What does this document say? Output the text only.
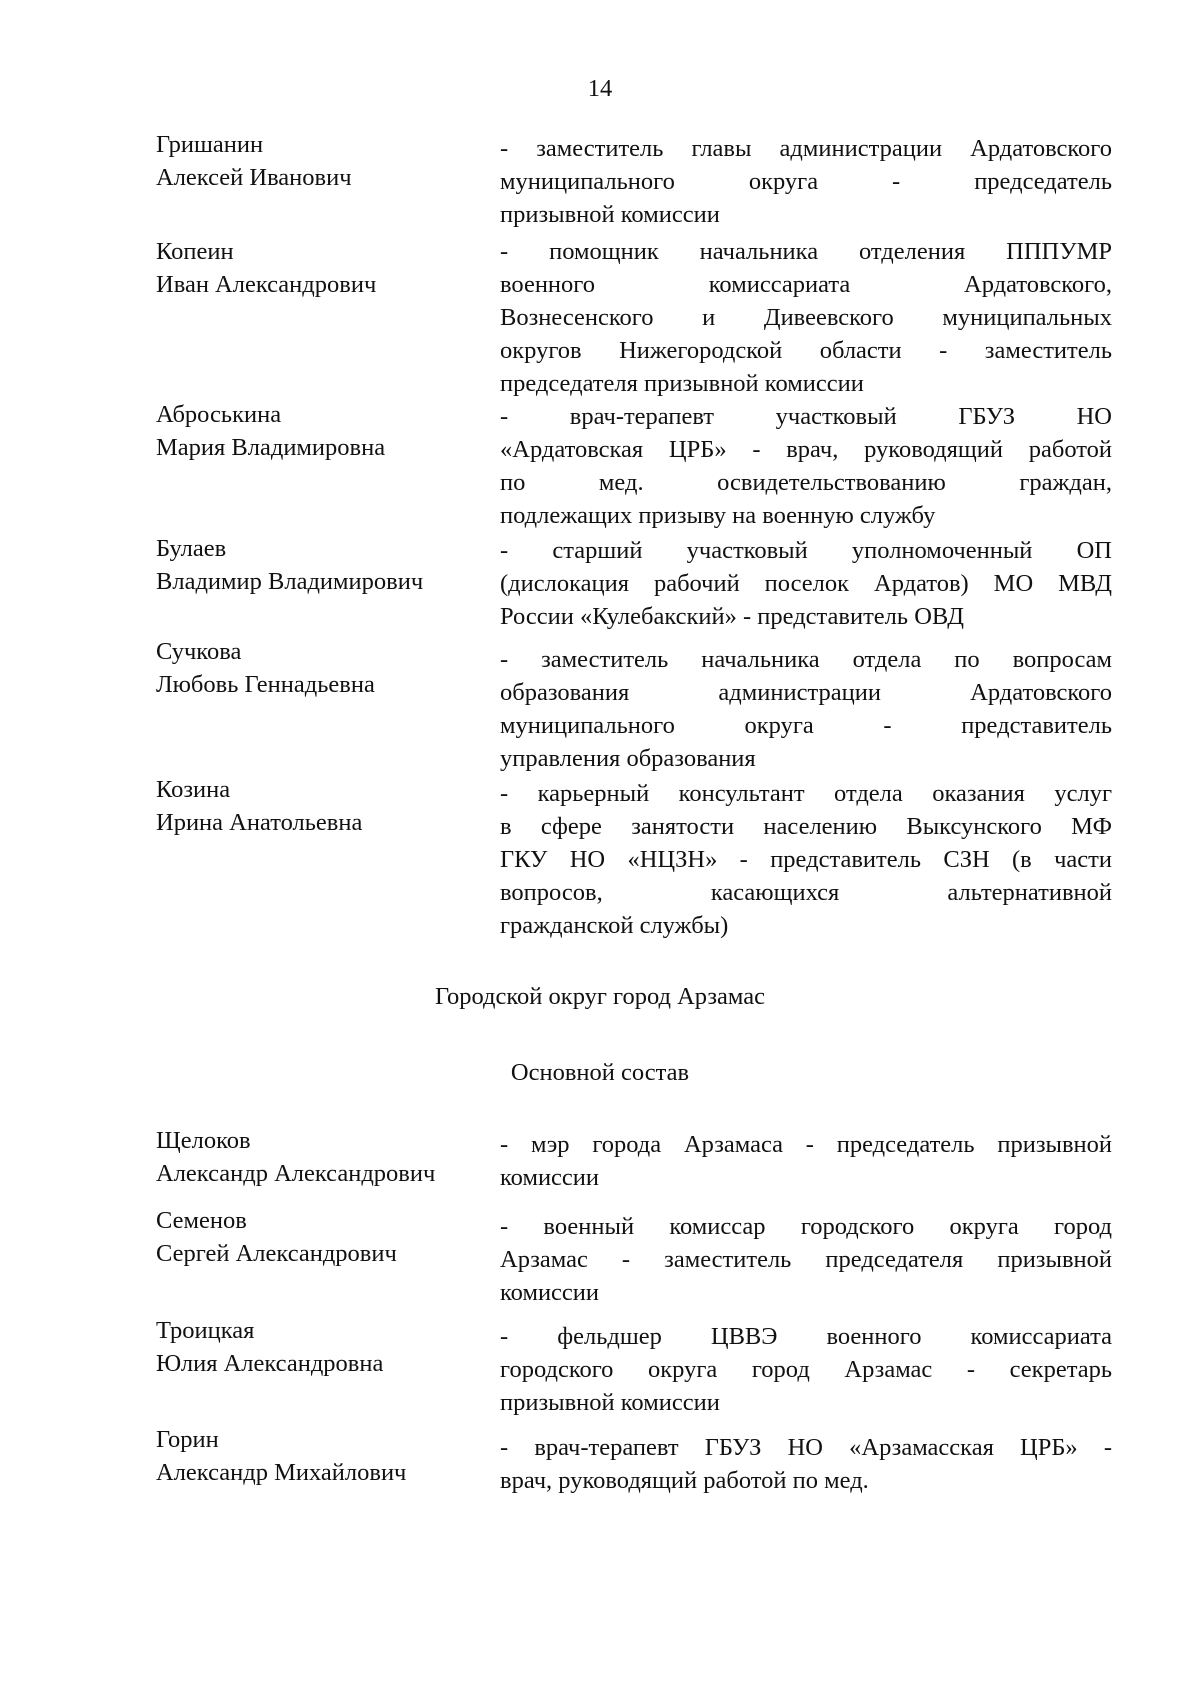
14
Гришанин
Алексей Иванович
- заместитель главы администрации Ардатовского
муниципального округа - председатель
призывной комиссии
Копеин
Иван Александрович
- помощник начальника отделения ПППУМР
военного комиссариата Ардатовского,
Вознесенского и Дивеевского муниципальных
округов Нижегородской области - заместитель
председателя призывной комиссии
Аброськина
Мария Владимировна
- врач-терапевт участковый ГБУЗ НО
«Ардатовская ЦРБ» - врач, руководящий работой
по мед. освидетельствованию граждан,
подлежащих призыву на военную службу
Булаев
Владимир Владимирович
- старший участковый уполномоченный ОП
(дислокация рабочий поселок Ардатов) МО МВД
России «Кулебакский» - представитель ОВД
Сучкова
Любовь Геннадьевна
- заместитель начальника отдела по вопросам
образования администрации Ардатовского
муниципального округа - представитель
управления образования
Козина
Ирина Анатольевна
- карьерный консультант отдела оказания услуг
в сфере занятости населению Выксунского МФ
ГКУ НО «НЦЗН» - представитель СЗН (в части
вопросов, касающихся альтернативной
гражданской службы)
Городской округ город Арзамас
Основной состав
Щелоков
Александр Александрович
- мэр города Арзамаса - председатель призывной
комиссии
Семенов
Сергей Александрович
- военный комиссар городского округа город
Арзамас - заместитель председателя призывной
комиссии
Троицкая
Юлия Александровна
- фельдшер ЦВВЭ военного комиссариата
городского округа город Арзамас - секретарь
призывной комиссии
Горин
Александр Михайлович
- врач-терапевт ГБУЗ НО «Арзамасская ЦРБ» -
врач, руководящий работой по мед.
